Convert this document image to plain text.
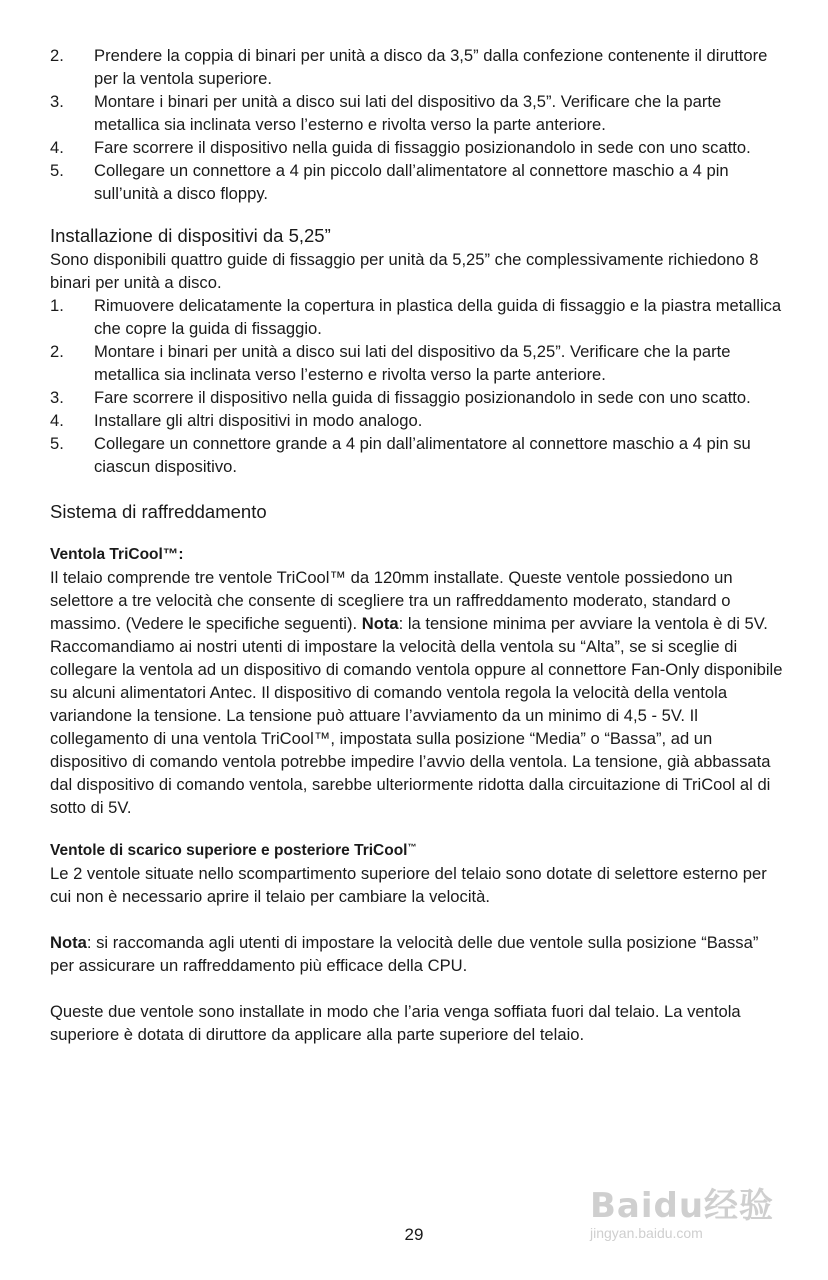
2. Prendere la coppia di binari per unità a disco da 3,5” dalla confezione contenente il diruttore per la ventola superiore.
3. Montare i binari per unità a disco sui lati del dispositivo da 3,5”. Verificare che la parte metallica sia inclinata verso l’esterno e rivolta verso la parte anteriore.
4. Fare scorrere il dispositivo nella guida di fissaggio posizionandolo in sede con uno scatto.
5. Collegare un connettore a 4 pin piccolo dall’alimentatore al connettore maschio a 4 pin sull’unità a disco floppy.
Installazione di dispositivi da 5,25”

Sono disponibili quattro guide di fissaggio per unità da 5,25” che complessivamente richiedono 8 binari per unità a disco.

1. Rimuovere delicatamente la copertura in plastica della guida di fissaggio e la piastra metallica che copre la guida di fissaggio.
2. Montare i binari per unità a disco sui lati del dispositivo da 5,25”. Verificare che la parte metallica sia inclinata verso l’esterno e rivolta verso la parte anteriore.
3. Fare scorrere il dispositivo nella guida di fissaggio posizionandolo in sede con uno scatto.
4. Installare gli altri dispositivi in modo analogo.
5. Collegare un connettore grande a 4 pin dall’alimentatore al connettore maschio a 4 pin su ciascun dispositivo.
Sistema di raffreddamento
Ventola TriCool™:

Il telaio comprende tre ventole TriCool™ da 120mm installate. Queste ventole possiedono un selettore a tre velocità che consente di scegliere tra un raffreddamento moderato, standard o massimo. (Vedere le specifiche seguenti). Nota: la tensione minima per avviare la ventola è di 5V. Raccomandiamo ai nostri utenti di impostare la velocità della ventola su “Alta”, se si sceglie di collegare la ventola ad un dispositivo di comando ventola oppure al connettore Fan-Only disponibile su alcuni alimentatori Antec. Il dispositivo di comando ventola regola la velocità della ventola variandone la tensione. La tensione può attuare l’avviamento da un minimo di 4,5 - 5V. Il collegamento di una ventola TriCool™, impostata sulla posizione “Media” o “Bassa”, ad un dispositivo di comando ventola potrebbe impedire l’avvio della ventola. La tensione, già abbassata dal dispositivo di comando ventola, sarebbe ulteriormente ridotta dalla circuitazione di TriCool al di sotto di 5V.

Ventole di scarico superiore e posteriore TriCool™

Le 2 ventole situate nello scompartimento superiore del telaio sono dotate di selettore esterno per cui non è necessario aprire il telaio per cambiare la velocità.

Nota: si raccomanda agli utenti di impostare la velocità delle due ventole sulla posizione “Bassa” per assicurare un raffreddamento più efficace della CPU.

Queste due ventole sono installate in modo che l’aria venga soffiata fuori dal telaio. La ventola superiore è dotata di diruttore da applicare alla parte superiore del telaio.

Baidu经验
jingyan.baidu.com
29
